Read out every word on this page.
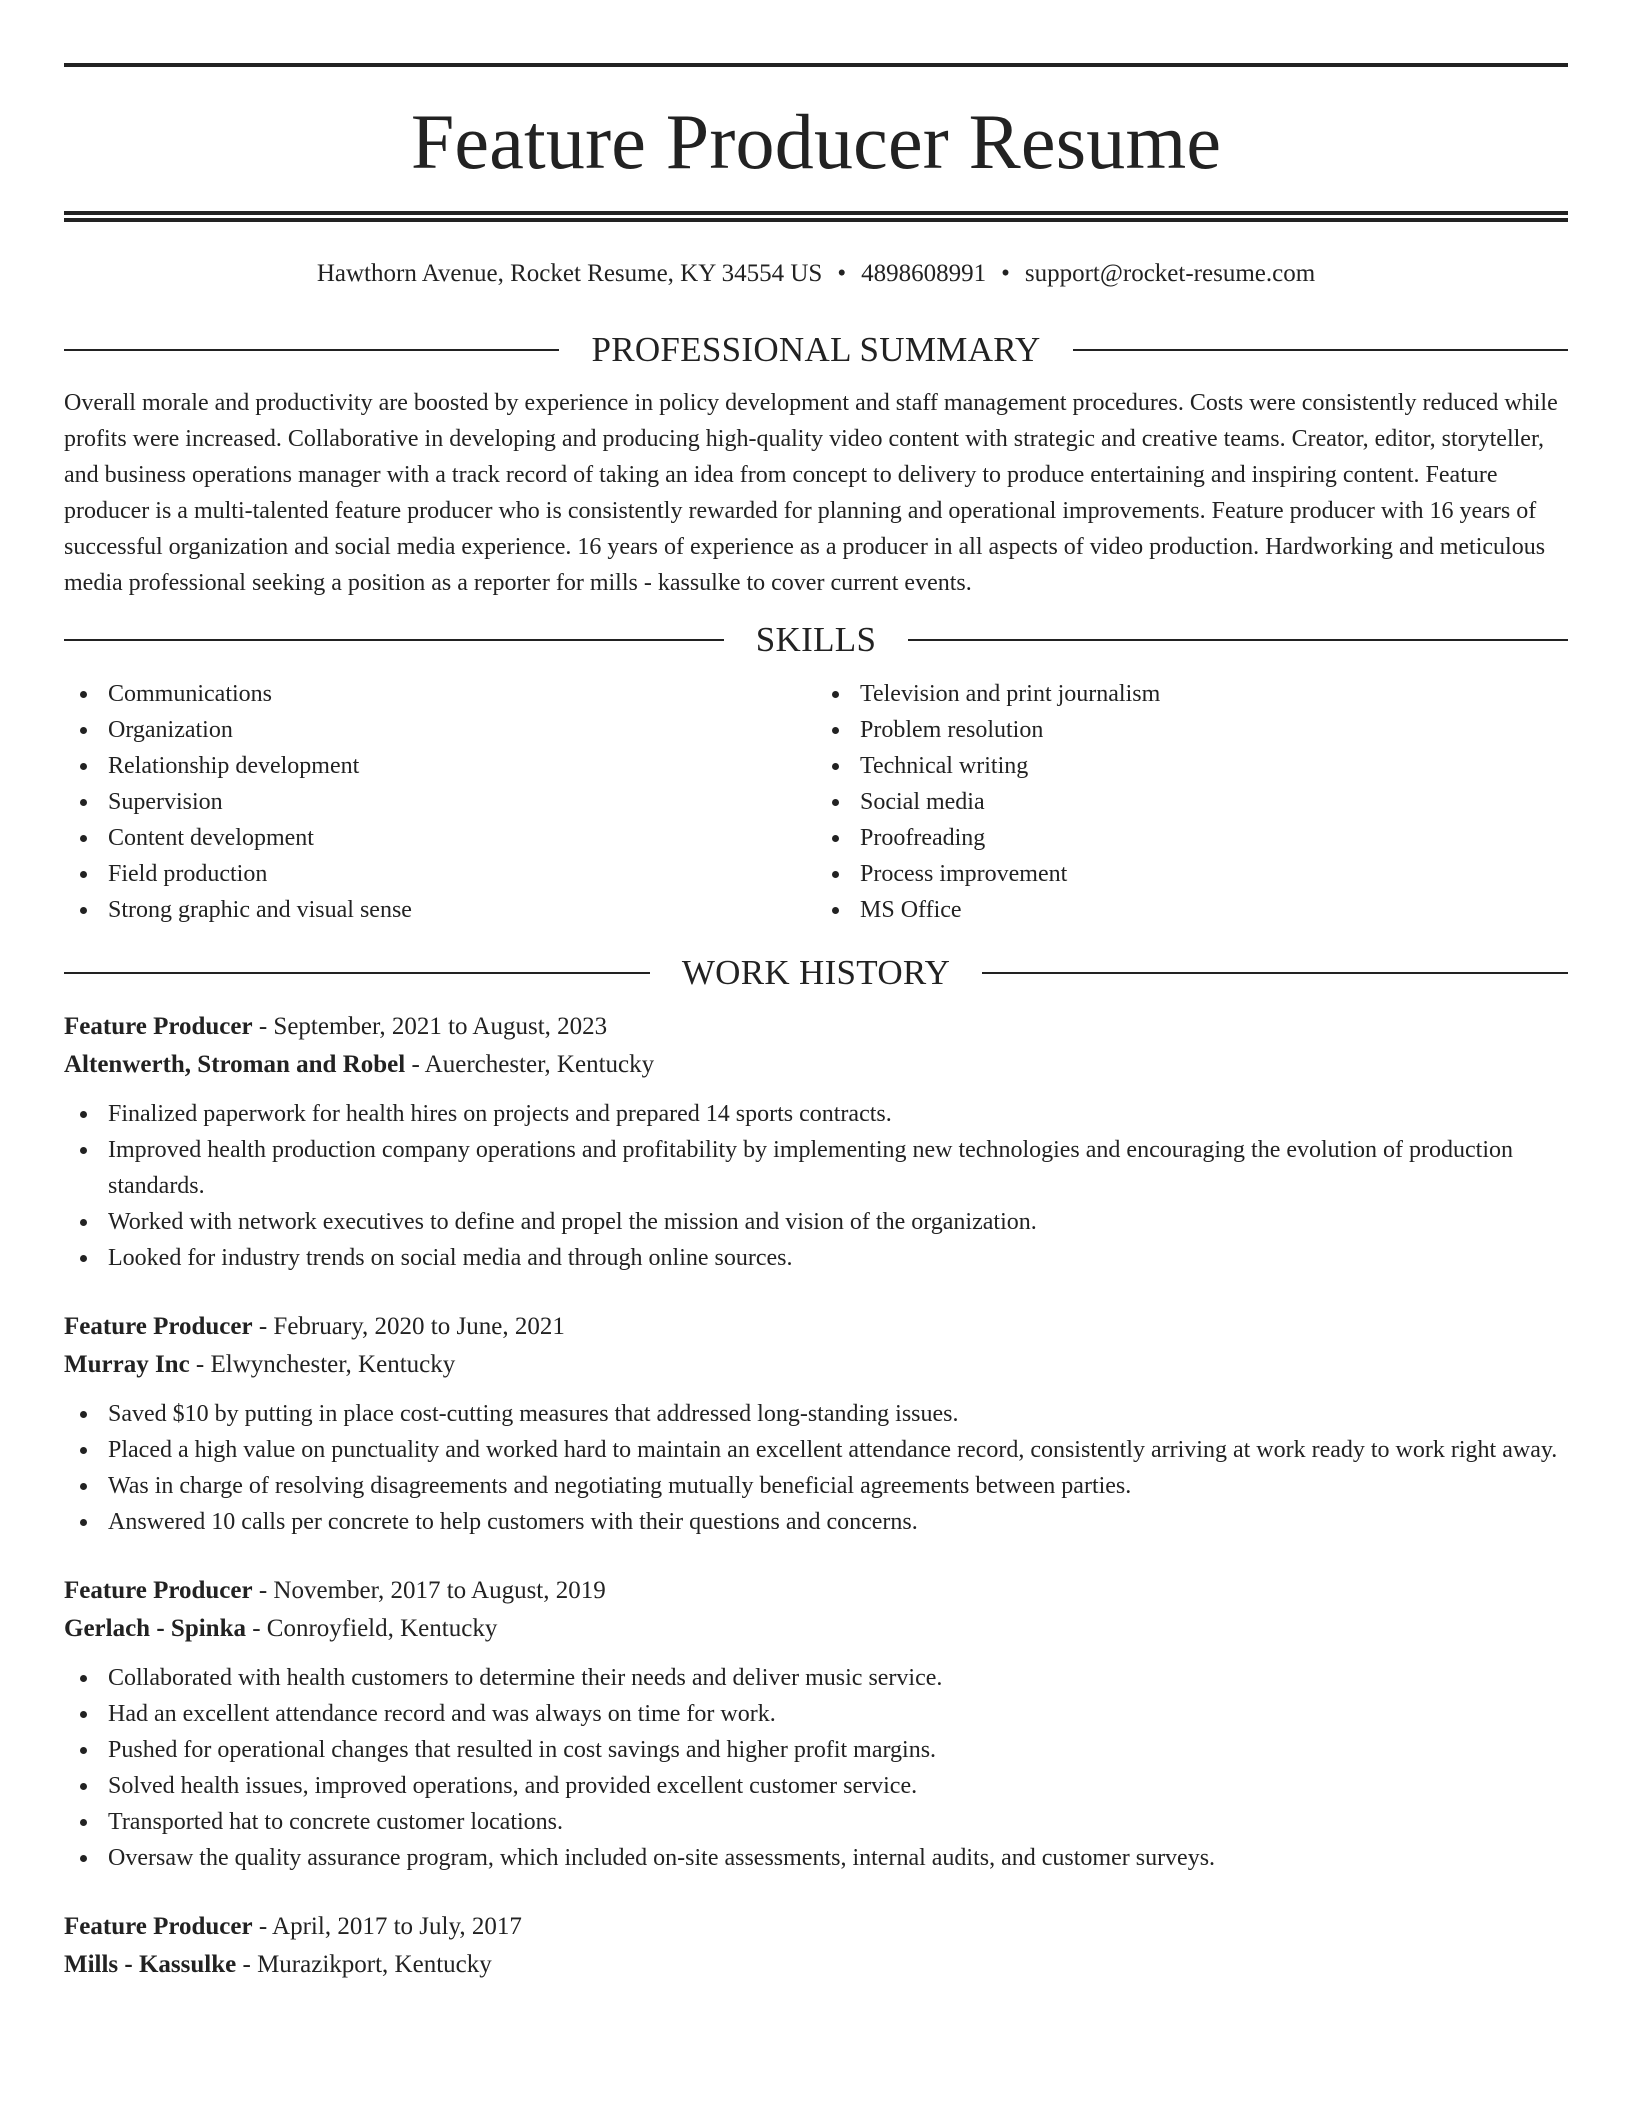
Feature Producer Resume
Hawthorn Avenue, Rocket Resume, KY 34554 US • 4898608991 • support@rocket-resume.com
PROFESSIONAL SUMMARY

Overall morale and productivity are boosted by experience in policy development and staff management procedures. Costs were consistently reduced while profits were increased. Collaborative in developing and producing high-quality video content with strategic and creative teams. Creator, editor, storyteller, and business operations manager with a track record of taking an idea from concept to delivery to produce entertaining and inspiring content. Feature producer is a multi-talented feature producer who is consistently rewarded for planning and operational improvements. Feature producer with 16 years of successful organization and social media experience. 16 years of experience as a producer in all aspects of video production. Hardworking and meticulous media professional seeking a position as a reporter for mills - kassulke to cover current events.

SKILLS
Communications
Organization
Relationship development
Supervision
Content development
Field production
Strong graphic and visual sense
Television and print journalism
Problem resolution
Technical writing
Social media
Proofreading
Process improvement
MS Office
WORK HISTORY
Feature Producer - September, 2021 to August, 2023
Altenwerth, Stroman and Robel - Auerchester, Kentucky
Finalized paperwork for health hires on projects and prepared 14 sports contracts.
Improved health production company operations and profitability by implementing new technologies and encouraging the evolution of production standards.
Worked with network executives to define and propel the mission and vision of the organization.
Looked for industry trends on social media and through online sources.
Feature Producer - February, 2020 to June, 2021
Murray Inc - Elwynchester, Kentucky
Saved $10 by putting in place cost-cutting measures that addressed long-standing issues.
Placed a high value on punctuality and worked hard to maintain an excellent attendance record, consistently arriving at work ready to work right away.
Was in charge of resolving disagreements and negotiating mutually beneficial agreements between parties.
Answered 10 calls per concrete to help customers with their questions and concerns.
Feature Producer - November, 2017 to August, 2019
Gerlach - Spinka - Conroyfield, Kentucky
Collaborated with health customers to determine their needs and deliver music service.
Had an excellent attendance record and was always on time for work.
Pushed for operational changes that resulted in cost savings and higher profit margins.
Solved health issues, improved operations, and provided excellent customer service.
Transported hat to concrete customer locations.
Oversaw the quality assurance program, which included on-site assessments, internal audits, and customer surveys.
Feature Producer - April, 2017 to July, 2017
Mills - Kassulke - Murazikport, Kentucky
